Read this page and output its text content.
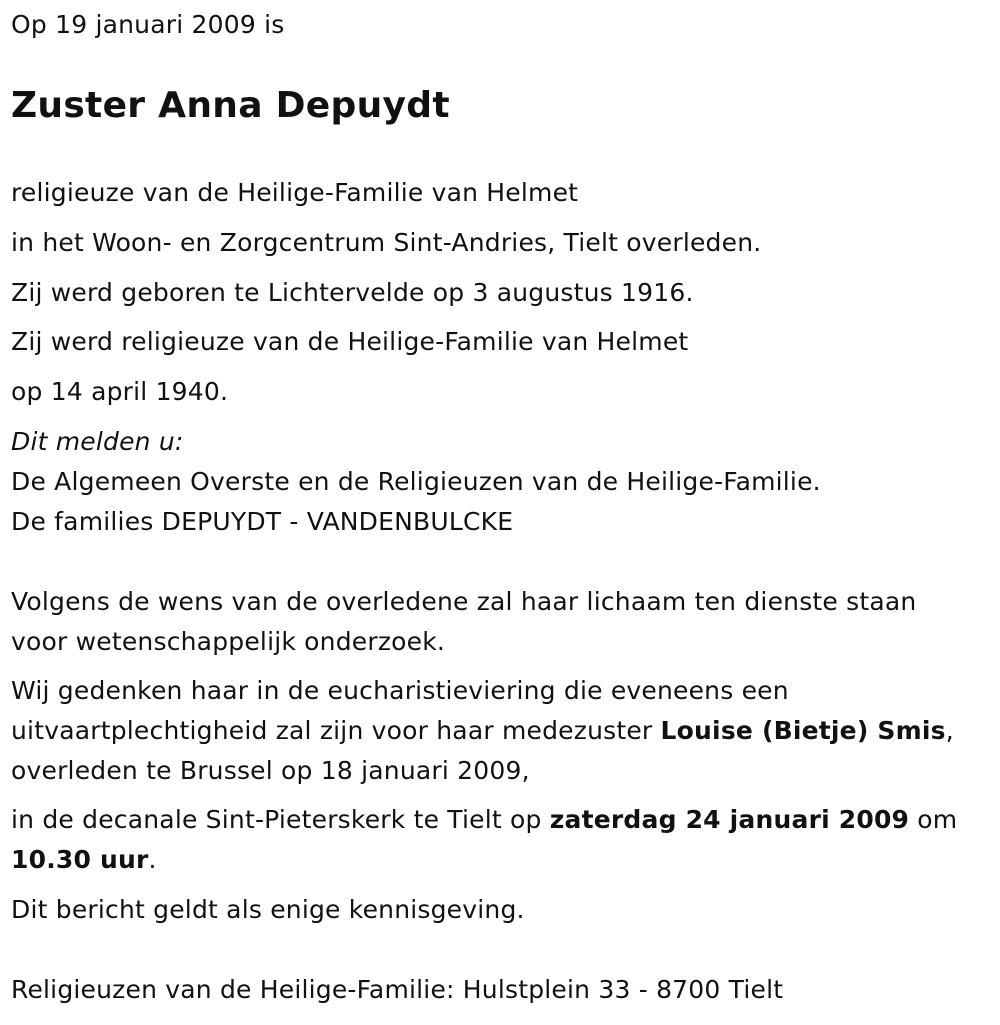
Op 19 januari 2009 is
Zuster Anna Depuydt
religieuze van de Heilige-Familie van Helmet
in het Woon- en Zorgcentrum Sint-Andries, Tielt overleden.
Zij werd geboren te Lichtervelde op 3 augustus 1916.
Zij werd religieuze van de Heilige-Familie van Helmet
op 14 april 1940.
Dit melden u:
De Algemeen Overste en de Religieuzen van de Heilige-Familie.
De families DEPUYDT - VANDENBULCKE
Volgens de wens van de overledene zal haar lichaam ten dienste staan
voor wetenschappelijk onderzoek.
Wij gedenken haar in de eucharistieviering die eveneens een
uitvaartplechtigheid zal zijn voor haar medezuster Louise (Bietje) Smis,
overleden te Brussel op 18 januari 2009,
in de decanale Sint-Pieterskerk te Tielt op zaterdag 24 januari 2009 om
10.30 uur.
Dit bericht geldt als enige kennisgeving.
Religieuzen van de Heilige-Familie: Hulstplein 33 - 8700 Tielt
